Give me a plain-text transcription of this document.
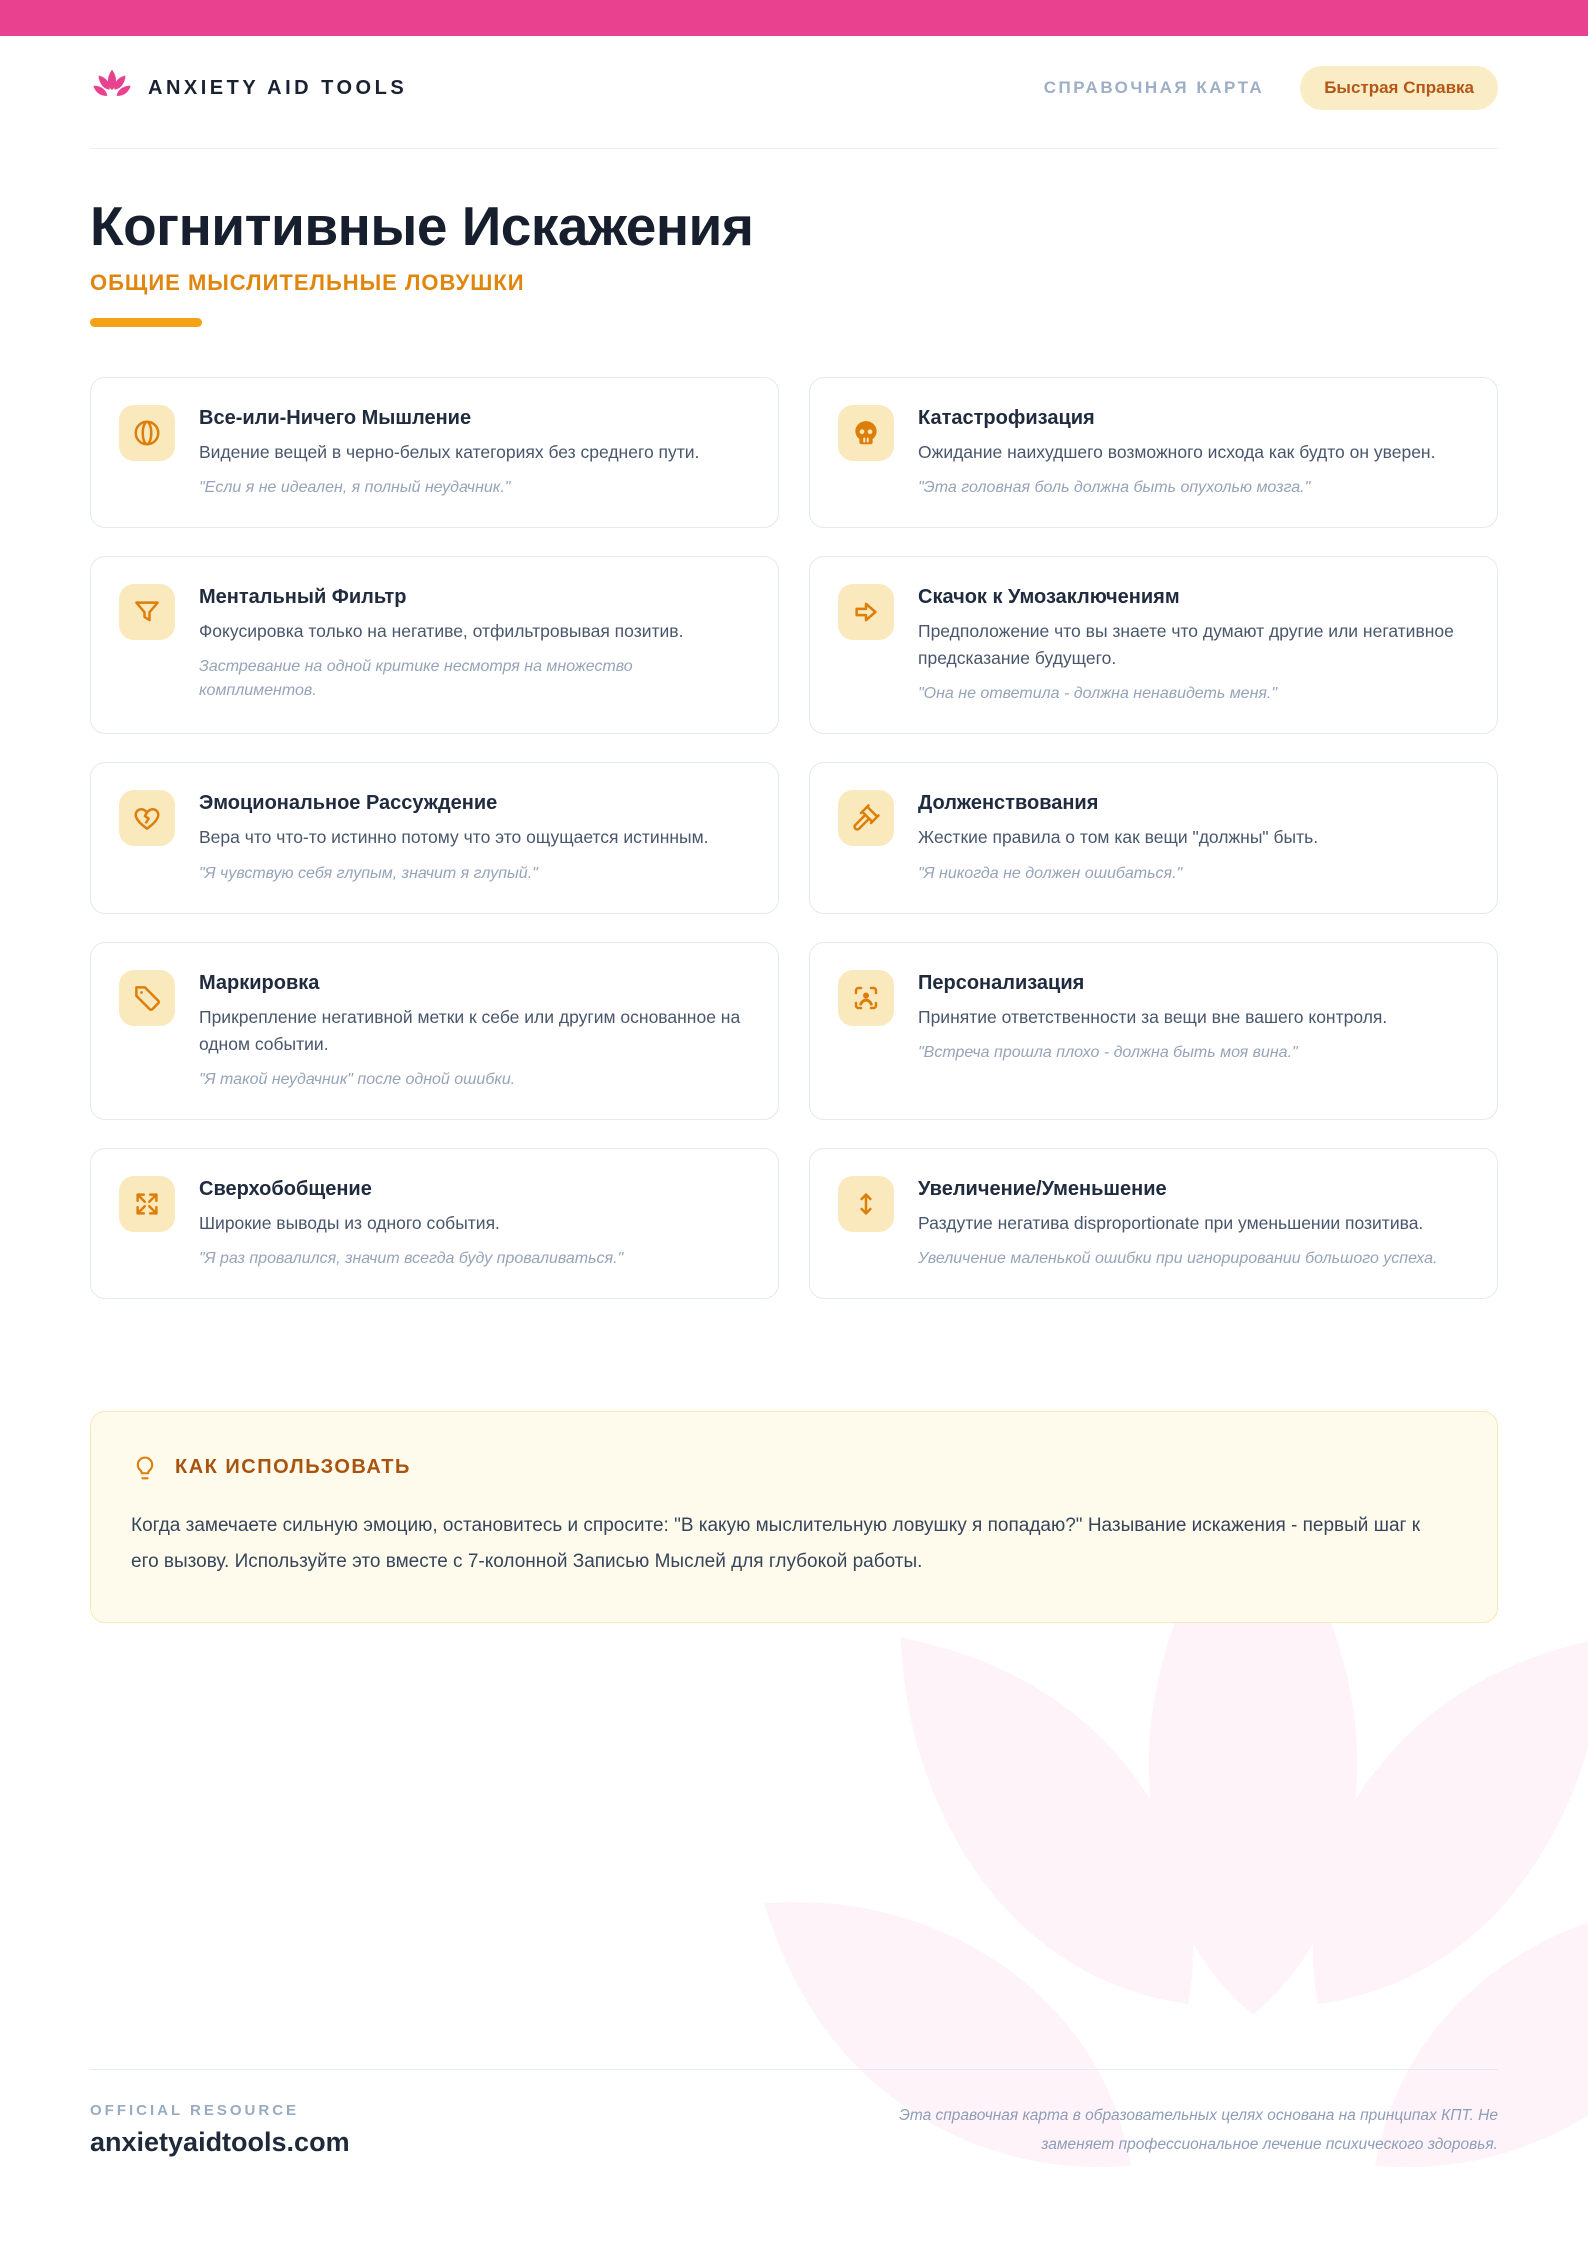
ANXIETY AID TOOLS	СПРАВОЧНАЯ КАРТА	Быстрая Справка
Когнитивные Искажения
ОБЩИЕ МЫСЛИТЕЛЬНЫЕ ЛОВУШКИ
Все-или-Ничего Мышление

Видение вещей в черно-белых категориях без среднего пути.

"Если я не идеален, я полный неудачник."

Катастрофизация

Ожидание наихудшего возможного исхода как будто он уверен.

"Эта головная боль должна быть опухолью мозга."

Ментальный Фильтр

Фокусировка только на негативе, отфильтровывая позитив.

Застревание на одной критике несмотря на множество комплиментов.

Скачок к Умозаключениям

Предположение что вы знаете что думают другие или негативное предсказание будущего.

"Она не ответила - должна ненавидеть меня."

Эмоциональное Рассуждение

Вера что что-то истинно потому что это ощущается истинным.

"Я чувствую себя глупым, значит я глупый."

Долженствования

Жесткие правила о том как вещи "должны" быть.

"Я никогда не должен ошибаться."

Маркировка

Прикрепление негативной метки к себе или другим основанное на одном событии.

"Я такой неудачник" после одной ошибки.

Персонализация

Принятие ответственности за вещи вне вашего контроля.

"Встреча прошла плохо - должна быть моя вина."

Сверхобобщение

Широкие выводы из одного события.

"Я раз провалился, значит всегда буду проваливаться."

Увеличение/Уменьшение

Раздутие негатива disproportionate при уменьшении позитива.

Увеличение маленькой ошибки при игнорировании большого успеха.

КАК ИСПОЛЬЗОВАТЬ

Когда замечаете сильную эмоцию, остановитесь и спросите: "В какую мыслительную ловушку я попадаю?" Называние искажения - первый шаг к его вызову. Используйте это вместе с 7-колонной Записью Мыслей для глубокой работы.

OFFICIAL RESOURCE
anxietyaidtools.com
Эта справочная карта в образовательных целях основана на принципах КПТ. Не заменяет профессиональное лечение психического здоровья.
